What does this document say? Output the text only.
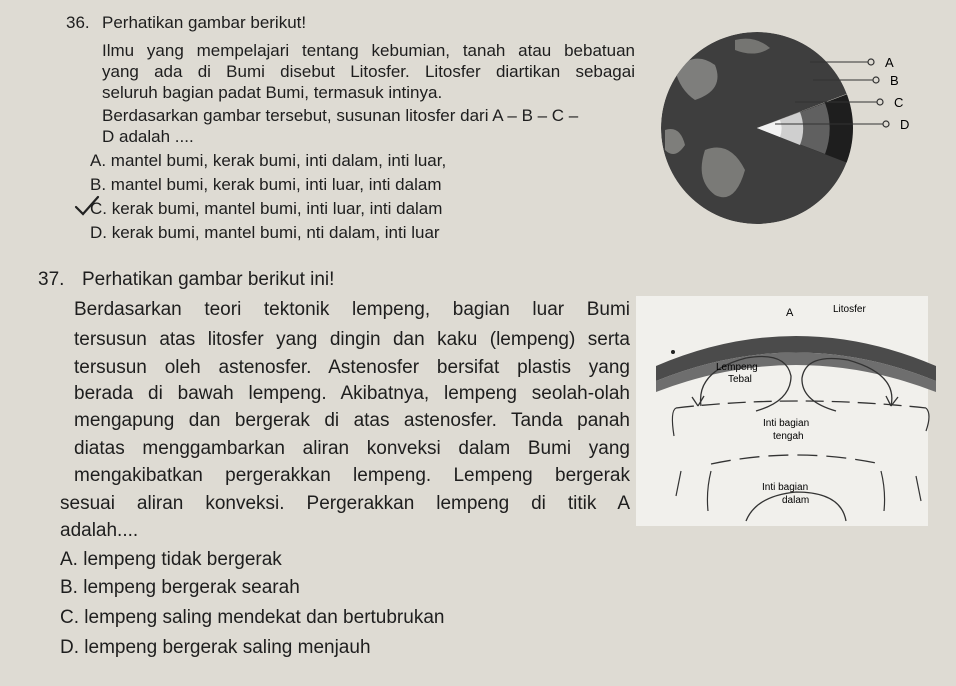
36. Perhatikan gambar berikut!
Ilmu yang mempelajari tentang kebumian, tanah atau bebatuan
yang ada di Bumi disebut Litosfer. Litosfer diartikan sebagai
seluruh bagian padat Bumi, termasuk intinya.
Berdasarkan gambar tersebut, susunan litosfer dari A – B – C –
D adalah ....
A. mantel bumi, kerak bumi, inti dalam, inti luar,
B. mantel bumi, kerak bumi, inti luar, inti dalam
C. kerak bumi, mantel bumi, inti luar, inti dalam
D. kerak bumi, mantel bumi, nti dalam, inti luar
A
B
C
D
37. Perhatikan gambar berikut ini!
Berdasarkan teori tektonik lempeng, bagian luar Bumi
tersusun atas litosfer yang dingin dan kaku (lempeng) serta
tersusun oleh astenosfer. Astenosfer bersifat plastis yang
berada di bawah lempeng. Akibatnya, lempeng seolah-olah
mengapung dan bergerak di atas astenosfer. Tanda panah
diatas menggambarkan aliran konveksi dalam Bumi yang
mengakibatkan pergerakkan lempeng. Lempeng bergerak
sesuai aliran konveksi. Pergerakkan lempeng di titik A
adalah....
A. lempeng tidak bergerak
B. lempeng bergerak searah
C. lempeng saling mendekat dan bertubrukan
D. lempeng bergerak saling menjauh
A	Litosfer
Lempeng
Tebal
Inti bagian
tengah
Inti bagian
dalam
